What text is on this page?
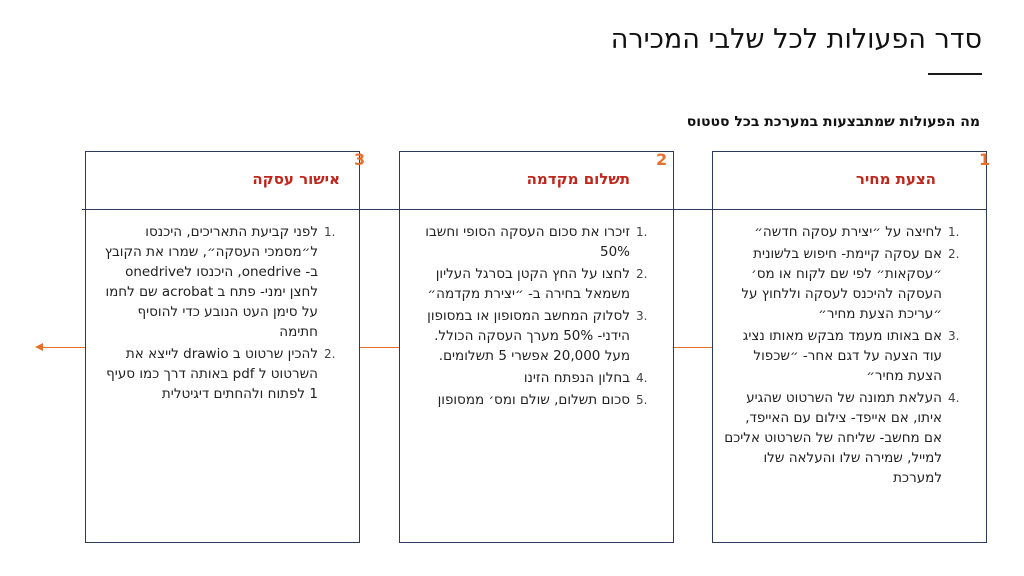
סדר הפעולות לכל שלבי המכירה
מה הפעולות שמתבצעות במערכת בכל סטטוס
1
2
3
הצעת מחיר
תשלום מקדמה
אישור עסקה
1.
לחיצה על ״יצירת עסקה חדשה״
2.
אם עסקה קיימת- חיפוש בלשונית ״עסקאות״ לפי שם לקוח או מס׳ העסקה להיכנס לעסקה וללחוץ על ״עריכת הצעת מחיר״
3.
אם באותו מעמד מבקש מאותו נציג עוד הצעה על דגם אחר- ״שכפול הצעת מחיר״
4.
העלאת תמונה של השרטוט שהגיע איתו, אם אייפד- צילום עם האייפד, אם מחשב- שליחה של השרטוט אליכם למייל, שמירה שלו והעלאה שלו למערכת
1.
זיכרו את סכום העסקה הסופי וחשבו 50%
2.
לחצו על החץ הקטן בסרגל העליון משמאל בחירה ב- ״יצירת מקדמה״
3.
לסלוק המחשב המסופון או במסופון הידני- 50% מערך העסקה הכולל. מעל 20,000 אפשרי 5 תשלומים.
4.
בחלון הנפתח הזינו
5.
סכום תשלום, שולם ומס׳ ממסופון
1.
לפני קביעת התאריכים, היכנסו ל״מסמכי העסקה״, שמרו את הקובץ ב- onedrive, היכנסו לonedrive לחצן ימני- פתח ב acrobat שם לחמו על סימן העט הנובע כדי להוסיף חתימה
2.
להכין שרטוט ב drawio לייצא את השרטוט ל pdf באותה דרך כמו סעיף 1 לפתוח ולהחתים דיגיטלית
